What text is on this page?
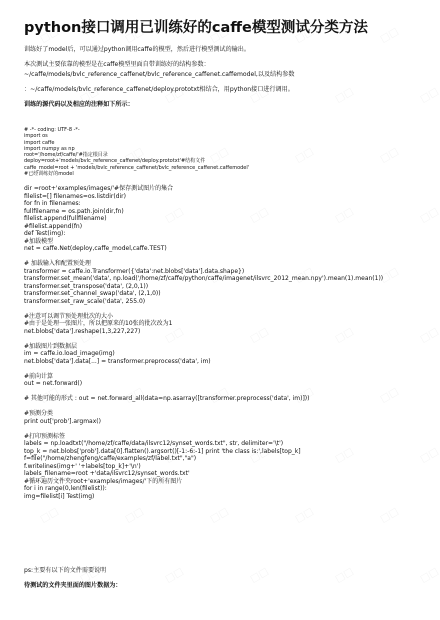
python接口调用已训练好的caffe模型测试分类方法
训练好了model后，可以通过python调用caffe的模型，然后进行模型测试的输出。
本次测试主要依靠的模型是在caffe模型里面自带训练好的结构参数：
~/caffe/models/bvlc_reference_caffenet/bvlc_reference_caffenet.caffemodel,以及结构参数
：~/caffe/models/bvlc_reference_caffenet/deploy.prototxt相结合，用python接口进行调用。
训练的源代码以及相应的注释如下所示：
# -*- coding: UTF-8 -*-
import os
import caffe
import numpy as np
root='/home/zf/caffe/'#指定根目录
deploy=root+'models/bvlc_reference_caffenet/deploy.prototxt'#结构文件
caffe_model=root + 'models/bvlc_reference_caffenet/bvlc_reference_caffenet.caffemodel'
#已经训练好的model
dir =root+'examples/images/'#保存测试图片的集合
filelist=[] filenames=os.listdir(dir)
for fn in filenames:
fullfilename = os.path.join(dir,fn)
filelist.append(fullfilename)
#filelist.append(fn)
def Test(img):
#加载模型
net = caffe.Net(deploy,caffe_model,caffe.TEST)

# 加载输入和配置预处理
transformer = caffe.io.Transformer({'data':net.blobs['data'].data.shape})
transformer.set_mean('data', np.load('/home/zf/caffe/python/caffe/imagenet/ilsvrc_2012_mean.npy').mean(1).mean(1))
transformer.set_transpose('data', (2,0,1))
transformer.set_channel_swap('data', (2,1,0))
transformer.set_raw_scale('data', 255.0)

#注意可以调节预处理批次的大小
#由于是处理一张图片，所以把原来的10张的批次改为1
net.blobs['data'].reshape(1,3,227,227)

#加载图片到数据层
im = caffe.io.load_image(img)
net.blobs['data'].data[...] = transformer.preprocess('data', im)

#前向计算
out = net.forward()

# 其他可能的形式 : out = net.forward_all(data=np.asarray([transformer.preprocess('data', im)]))

#预测分类
print out['prob'].argmax()

#打印预测标签
labels = np.loadtxt("/home/zf/caffe/data/ilsvrc12/synset_words.txt", str, delimiter='\t')
top_k = net.blobs['prob'].data[0].flatten().argsort()[-1:-6:-1] print 'the class is:',labels[top_k]
f=file("/home/zhengfeng/caffe/examples/zf/label.txt","a")
f.writelines(img+' '+labels[top_k]+'\n')
labels_filename=root +'data/ilsvrc12/synset_words.txt'
#循环遍历文件夹root+'examples/images/'下的所有图片
for i in range(0,len(filelist)):
img=filelist[i] Test(img)
ps:主要有以下的文件需要说明
待测试的文件夹里面的图片数据为：
